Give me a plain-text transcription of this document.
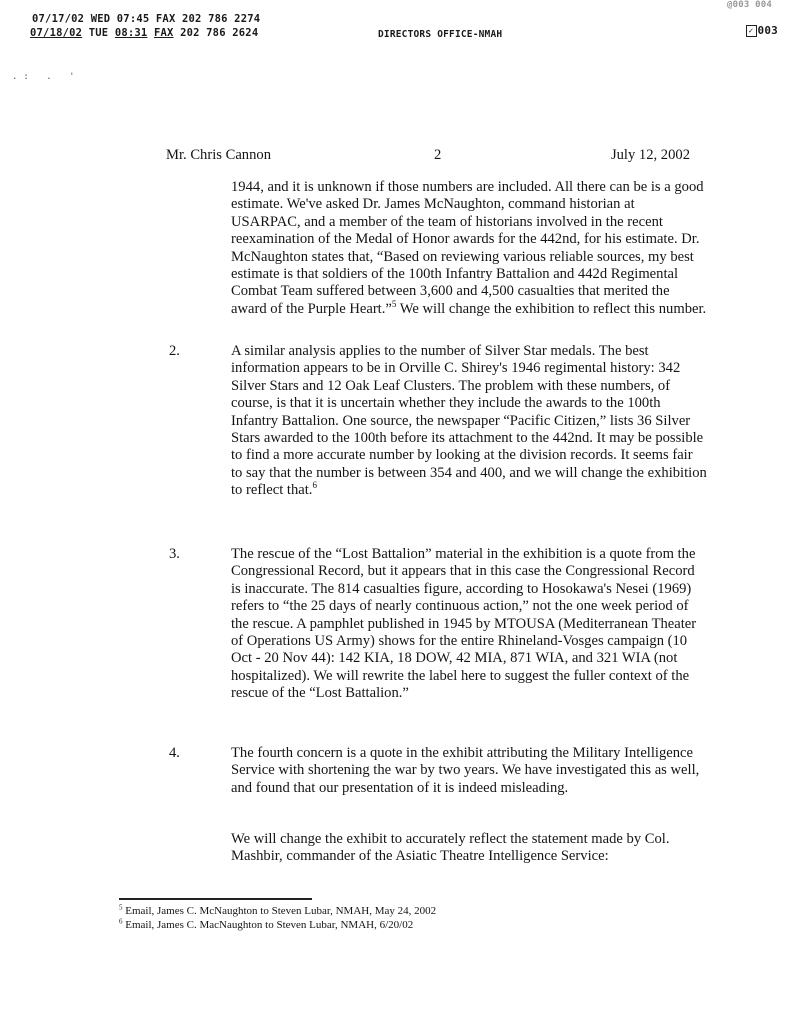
@003 004
07/17/02 WED 07:45 FAX 202 786 2274
07/18/02 TUE 08:31 FAX 202 786 2624	DIRECTORS OFFICE-NMAH	✓ 003
.: . '
Mr. Chris Cannon	2	July 12, 2002
1944, and it is unknown if those numbers are included. All there can be is a good estimate. We've asked Dr. James McNaughton, command historian at USARPAC, and a member of the team of historians involved in the recent reexamination of the Medal of Honor awards for the 442nd, for his estimate. Dr. McNaughton states that, “Based on reviewing various reliable sources, my best estimate is that soldiers of the 100th Infantry Battalion and 442d Regimental Combat Team suffered between 3,600 and 4,500 casualties that merited the award of the Purple Heart.”$^5$ We will change the exhibition to reflect this number.
2.	A similar analysis applies to the number of Silver Star medals. The best information appears to be in Orville C. Shirey's 1946 regimental history: 342 Silver Stars and 12 Oak Leaf Clusters. The problem with these numbers, of course, is that it is uncertain whether they include the awards to the 100th Infantry Battalion. One source, the newspaper “Pacific Citizen,” lists 36 Silver Stars awarded to the 100th before its attachment to the 442nd. It may be possible to find a more accurate number by looking at the division records. It seems fair to say that the number is between 354 and 400, and we will change the exhibition to reflect that.$^6$
3.	The rescue of the “Lost Battalion” material in the exhibition is a quote from the Congressional Record, but it appears that in this case the Congressional Record is inaccurate. The 814 casualties figure, according to Hosokawa's Nesei (1969) refers to “the 25 days of nearly continuous action,” not the one week period of the rescue. A pamphlet published in 1945 by MTOUSA (Mediterranean Theater of Operations US Army) shows for the entire Rhineland-Vosges campaign (10 Oct - 20 Nov 44): 142 KIA, 18 DOW, 42 MIA, 871 WIA, and 321 WIA (not hospitalized). We will rewrite the label here to suggest the fuller context of the rescue of the “Lost Battalion.”
4.	The fourth concern is a quote in the exhibit attributing the Military Intelligence Service with shortening the war by two years. We have investigated this as well, and found that our presentation of it is indeed misleading.
We will change the exhibit to accurately reflect the statement made by Col. Mashbir, commander of the Asiatic Theatre Intelligence Service:
$^5$ Email, James C. McNaughton to Steven Lubar, NMAH, May 24, 2002
$^6$ Email, James C. MacNaughton to Steven Lubar, NMAH, 6/20/02
